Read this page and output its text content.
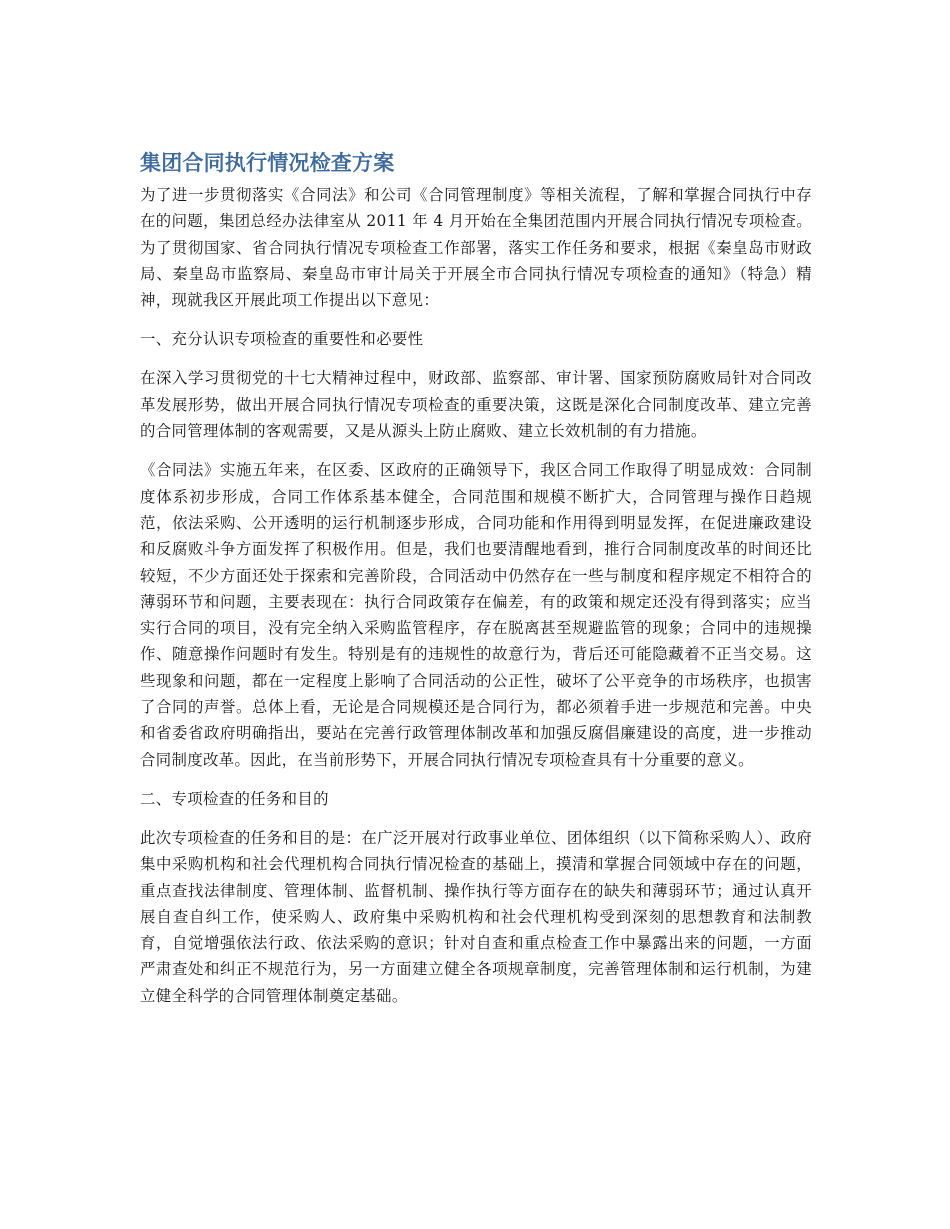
集团合同执行情况检查方案

为了进一步贯彻落实《合同法》和公司《合同管理制度》等相关流程，了解和掌握合同执行中存在的问题，集团总经办法律室从 2011 年 4 月开始在全集团范围内开展合同执行情况专项检查。为了贯彻国家、省合同执行情况专项检查工作部署，落实工作任务和要求，根据《秦皇岛市财政局、秦皇岛市监察局、秦皇岛市审计局关于开展全市合同执行情况专项检查的通知》（特急）精神，现就我区开展此项工作提出以下意见：

一、充分认识专项检查的重要性和必要性

在深入学习贯彻党的十七大精神过程中，财政部、监察部、审计署、国家预防腐败局针对合同改革发展形势，做出开展合同执行情况专项检查的重要决策，这既是深化合同制度改革、建立完善的合同管理体制的客观需要，又是从源头上防止腐败、建立长效机制的有力措施。

《合同法》实施五年来，在区委、区政府的正确领导下，我区合同工作取得了明显成效：合同制度体系初步形成，合同工作体系基本健全，合同范围和规模不断扩大，合同管理与操作日趋规范，依法采购、公开透明的运行机制逐步形成，合同功能和作用得到明显发挥，在促进廉政建设和反腐败斗争方面发挥了积极作用。但是，我们也要清醒地看到，推行合同制度改革的时间还比较短，不少方面还处于探索和完善阶段，合同活动中仍然存在一些与制度和程序规定不相符合的薄弱环节和问题，主要表现在：执行合同政策存在偏差，有的政策和规定还没有得到落实；应当实行合同的项目，没有完全纳入采购监管程序，存在脱离甚至规避监管的现象；合同中的违规操作、随意操作问题时有发生。特别是有的违规性的故意行为，背后还可能隐藏着不正当交易。这些现象和问题，都在一定程度上影响了合同活动的公正性，破坏了公平竞争的市场秩序，也损害了合同的声誉。总体上看，无论是合同规模还是合同行为，都必须着手进一步规范和完善。中央和省委省政府明确指出，要站在完善行政管理体制改革和加强反腐倡廉建设的高度，进一步推动合同制度改革。因此，在当前形势下，开展合同执行情况专项检查具有十分重要的意义。

二、专项检查的任务和目的

此次专项检查的任务和目的是：在广泛开展对行政事业单位、团体组织（以下简称采购人）、政府集中采购机构和社会代理机构合同执行情况检查的基础上，摸清和掌握合同领域中存在的问题，重点查找法律制度、管理体制、监督机制、操作执行等方面存在的缺失和薄弱环节；通过认真开展自查自纠工作，使采购人、政府集中采购机构和社会代理机构受到深刻的思想教育和法制教育，自觉增强依法行政、依法采购的意识；针对自查和重点检查工作中暴露出来的问题，一方面严肃查处和纠正不规范行为，另一方面建立健全各项规章制度，完善管理体制和运行机制，为建立健全科学的合同管理体制奠定基础。
